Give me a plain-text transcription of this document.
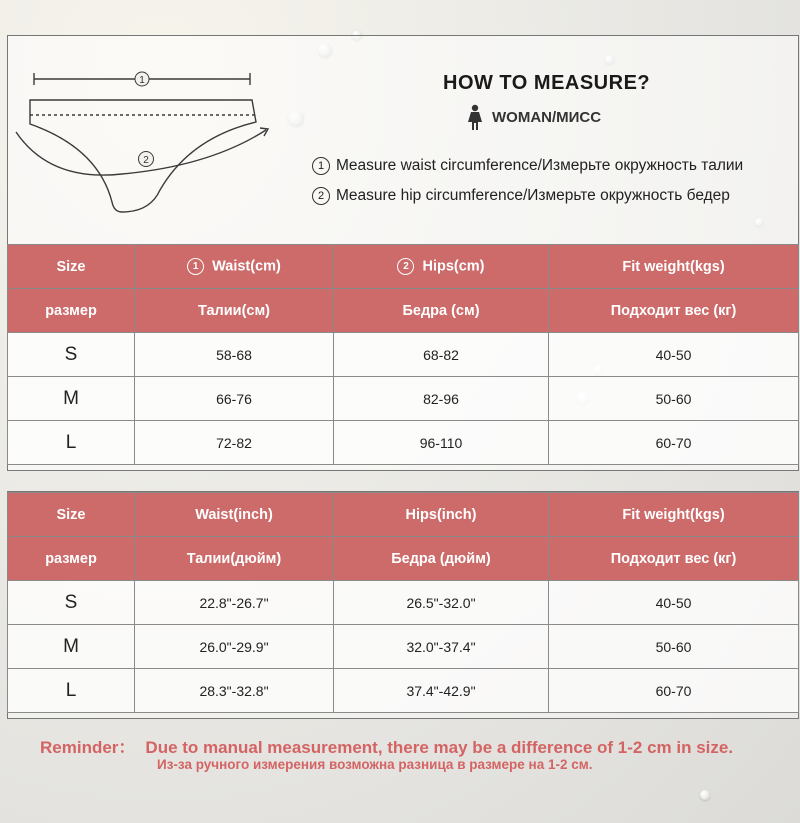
1
2
HOW TO MEASURE?
WOMAN/МИСС
1 Measure waist circumference/Измерьте окружность талии
2 Measure hip circumference/Измерьте окружность бедер
Size	1 Waist(cm)	2 Hips(cm)	Fit weight(kgs)
размер	Талии(см)	Бедра (см)	Подходит вес (кг)
S	58-68	68-82	40-50
M	66-76	82-96	50-60
L	72-82	96-110	60-70
Size	Waist(inch)	Hips(inch)	Fit weight(kgs)
размер	Талии(дюйм)	Бедра (дюйм)	Подходит вес (кг)
S	22.8"-26.7"	26.5"-32.0"	40-50
M	26.0"-29.9"	32.0"-37.4"	50-60
L	28.3"-32.8"	37.4"-42.9"	60-70
Reminder： Due to manual measurement, there may be a difference of 1-2 cm in size.
Из-за ручного измерения возможна разница в размере на 1-2 см.
